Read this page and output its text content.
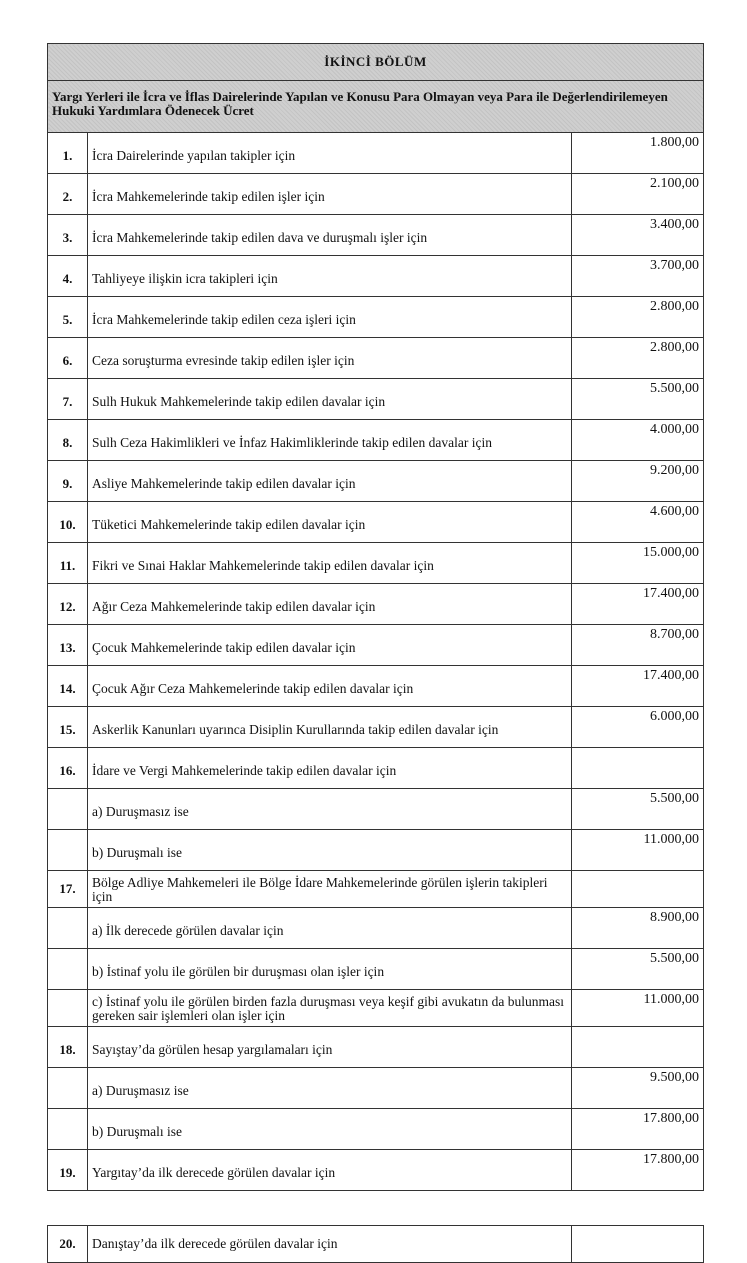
İKİNCİ BÖLÜM		
Yargı Yerleri ile İcra ve İflas Dairelerinde Yapılan ve Konusu Para Olmayan veya Para ile Değerlendirilemeyen Hukuki Yardımlara Ödenecek Ücret		
1.	İcra Dairelerinde yapılan takipler için	1.800,00
2.	İcra Mahkemelerinde takip edilen işler için	2.100,00
3.	İcra Mahkemelerinde takip edilen dava ve duruşmalı işler için	3.400,00
4.	Tahliyeye ilişkin icra takipleri için	3.700,00
5.	İcra Mahkemelerinde takip edilen ceza işleri için	2.800,00
6.	Ceza soruşturma evresinde takip edilen işler için	2.800,00
7.	Sulh Hukuk Mahkemelerinde takip edilen davalar için	5.500,00
8.	Sulh Ceza Hakimlikleri ve İnfaz Hakimliklerinde takip edilen davalar için	4.000,00
9.	Asliye Mahkemelerinde takip edilen davalar için	9.200,00
10.	Tüketici Mahkemelerinde takip edilen davalar için	4.600,00
11.	Fikri ve Sınai Haklar Mahkemelerinde takip edilen davalar için	15.000,00
12.	Ağır Ceza Mahkemelerinde takip edilen davalar için	17.400,00
13.	Çocuk Mahkemelerinde takip edilen davalar için	8.700,00
14.	Çocuk Ağır Ceza Mahkemelerinde takip edilen davalar için	17.400,00
15.	Askerlik Kanunları uyarınca Disiplin Kurullarında takip edilen davalar için	6.000,00
16.	İdare ve Vergi Mahkemelerinde takip edilen davalar için	
	a) Duruşmasız ise	5.500,00
	b) Duruşmalı ise	11.000,00
17.	Bölge Adliye Mahkemeleri ile Bölge İdare Mahkemelerinde görülen işlerin takipleri için	
	a) İlk derecede görülen davalar için	8.900,00
	b) İstinaf yolu ile görülen bir duruşması olan işler için	5.500,00
	c) İstinaf yolu ile görülen birden fazla duruşması veya keşif gibi avukatın da bulunması gereken sair işlemleri olan işler için	11.000,00
18.	Sayıştay’da görülen hesap yargılamaları için	
	a) Duruşmasız ise	9.500,00
	b) Duruşmalı ise	17.800,00
19.	Yargıtay’da ilk derecede görülen davalar için	17.800,00
20.	Danıştay’da ilk derecede görülen davalar için	
